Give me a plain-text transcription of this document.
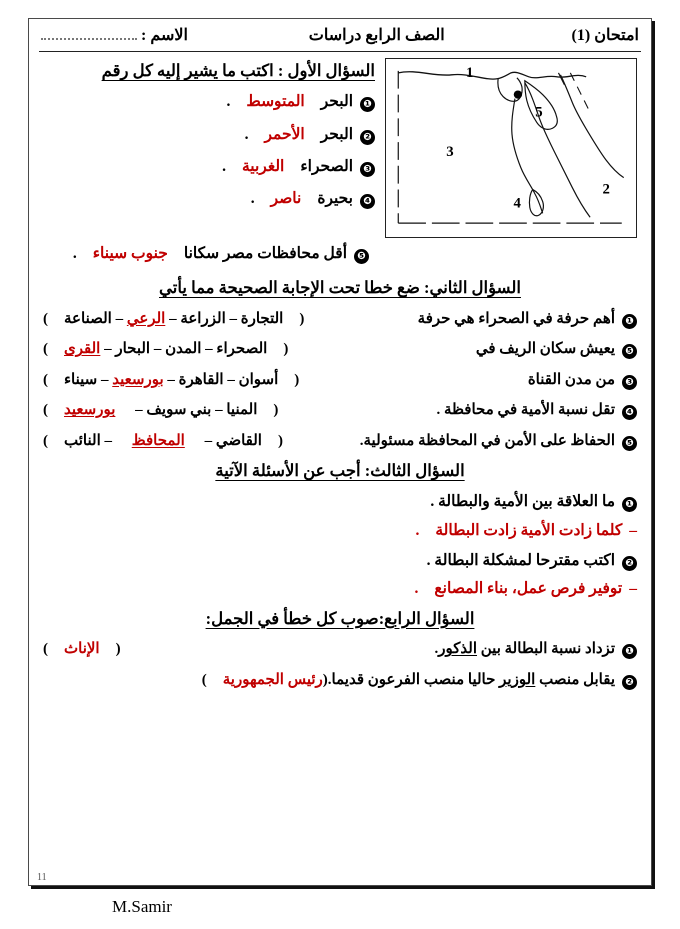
امتحان (1)
الصف الرابع دراسات
الاسم :
1
2
3
4
5
السؤال الأول : اكتب ما يشير إليه كل رقم
❶
البحرالمتوسط.
❷
البحرالأحمر.
❸
الصحراءالغربية.
❹
بحيرةناصر.
❺
أقل محافظات مصر سكاناجنوب سيناء.
السؤال الثاني: ضع خطا تحت الإجابة الصحيحة مما يأتي
❶
أهم حرفة في الصحراء هي حرفة
(التجارة – الزراعة – الرعي – الصناعة)
❺
يعيش سكان الريف في
(الصحراء – المدن – البحار – القرى)
❸
من مدن القناة
(أسوان – القاهرة – بورسعيد – سيناء)
❹
تقل نسبة الأمية في محافظة .
(المنيا – بني سويف – بورسعيد)
❺
الحفاظ على الأمن في المحافظة مسئولية.
(القاضي – المحافظ – النائب)
السؤال الثالث: أجب عن الأسئلة الآتية
❶
ما العلاقة بين الأمية والبطالة .
–كلما زادت الأمية زادت البطالة.
❷
اكتب مقترحا لمشكلة البطالة .
–توفير فرص عمل، بناء المصانع.
السؤال الرابع:صوب كل خطأ في الجمل:
❶
تزداد نسبة البطالة بين الذكور.
(الإناث)
❷
يقابل منصب الوزير حاليا منصب الفرعون قديما.(رئيس الجمهورية)
11
M.Samir
